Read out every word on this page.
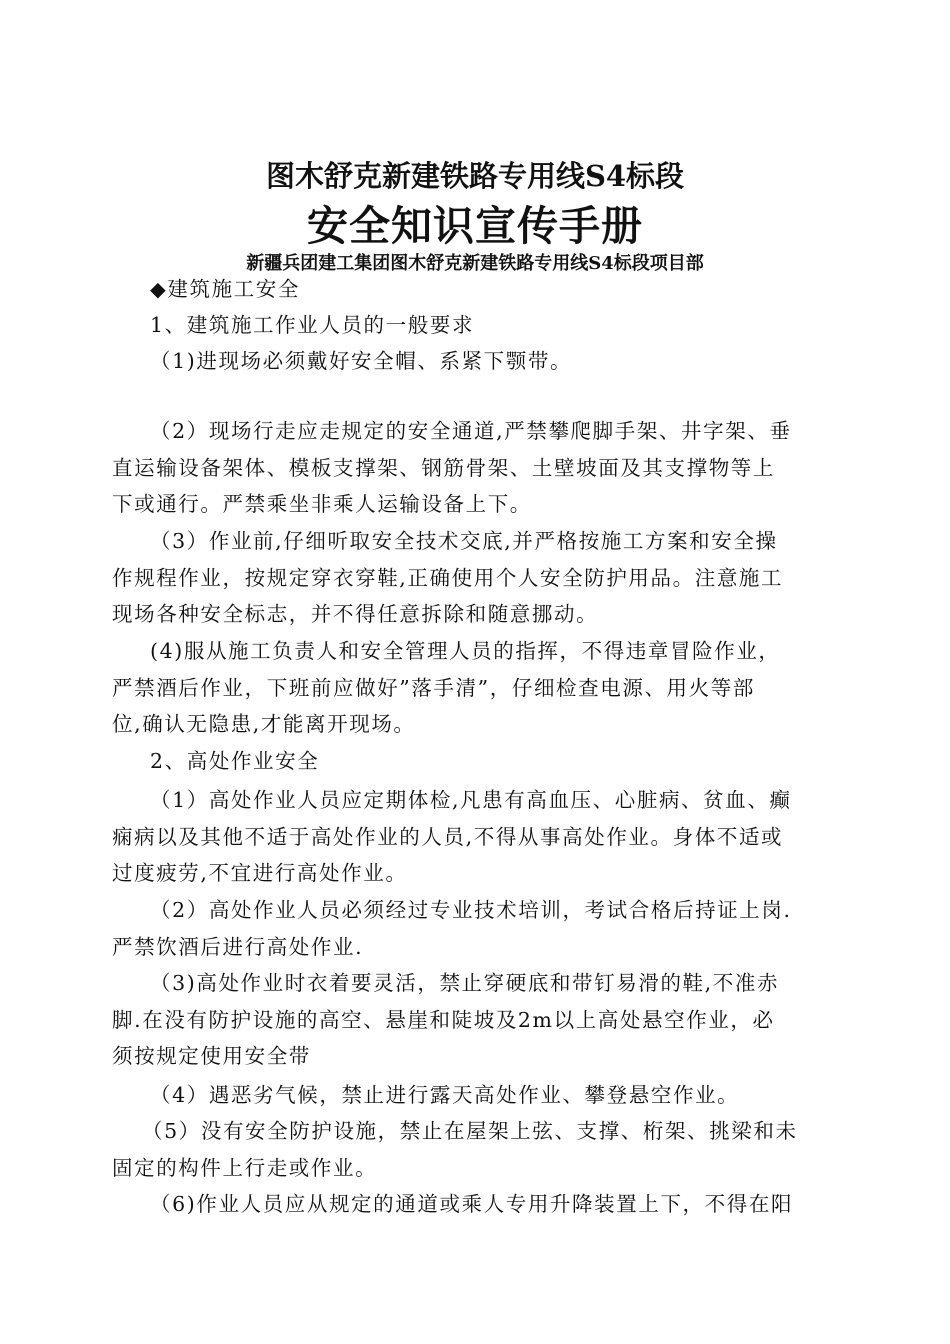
图木舒克新建铁路专用线S4标段
安全知识宣传手册
新疆兵团建工集团图木舒克新建铁路专用线S4标段项目部
◆建筑施工安全
1、建筑施工作业人员的一般要求
（1)进现场必须戴好安全帽、系紧下颚带。
（2）现场行走应走规定的安全通道,严禁攀爬脚手架、井字架、垂
直运输设备架体、模板支撑架、钢筋骨架、土壁坡面及其支撑物等上
下或通行。严禁乘坐非乘人运输设备上下。
（3）作业前,仔细听取安全技术交底,并严格按施工方案和安全操
作规程作业，按规定穿衣穿鞋,正确使用个人安全防护用品。注意施工
现场各种安全标志，并不得任意拆除和随意挪动。
(4)服从施工负责人和安全管理人员的指挥，不得违章冒险作业，
严禁酒后作业，下班前应做好”落手清”，仔细检查电源、用火等部
位,确认无隐患,才能离开现场。
2、高处作业安全
（1）高处作业人员应定期体检,凡患有高血压、心脏病、贫血、癫
痫病以及其他不适于高处作业的人员,不得从事高处作业。身体不适或
过度疲劳,不宜进行高处作业。
（2）高处作业人员必须经过专业技术培训，考试合格后持证上岗.
严禁饮酒后进行高处作业.
（3)高处作业时衣着要灵活，禁止穿硬底和带钉易滑的鞋,不准赤
脚.在没有防护设施的高空、悬崖和陡坡及2m以上高处悬空作业，必
须按规定使用安全带
（4）遇恶劣气候，禁止进行露天高处作业、攀登悬空作业。
（5）没有安全防护设施，禁止在屋架上弦、支撑、桁架、挑梁和未
固定的构件上行走或作业。
（6)作业人员应从规定的通道或乘人专用升降装置上下，不得在阳
